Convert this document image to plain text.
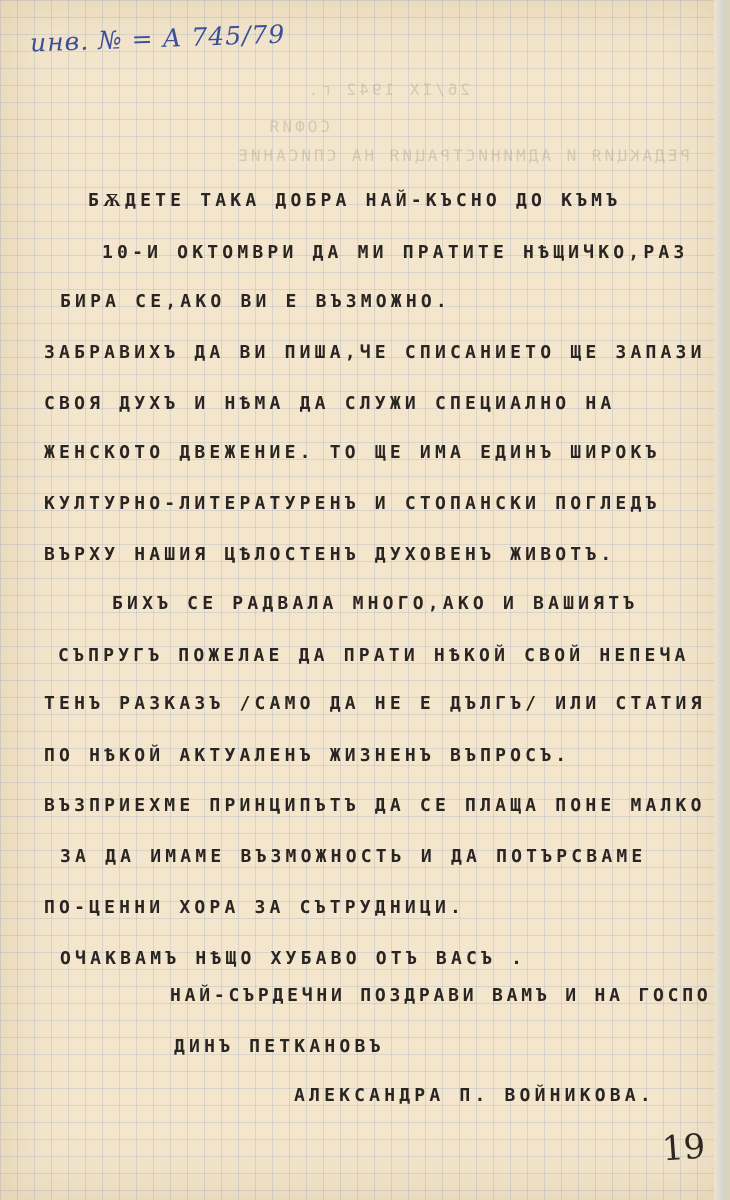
26/IX 1942 г.
СОФИЯ
РЕДАКЦИЯ И АДМИНИСТРАЦИЯ НА СПИСАНИЕ
инв. № = А 745/79
БѪДЕТЕ ТАКА ДОБРА НАЙ-КЪСНО ДО КЪМЪ
10-И ОКТОМВРИ ДА МИ ПРАТИТЕ НѢЩИЧКО,РАЗ
БИРА СЕ,АКО ВИ Е ВЪЗМОЖНО.
ЗАБРАВИХЪ ДА ВИ ПИША,ЧЕ СПИСАНИЕТО ЩЕ ЗАПАЗИ
СВОЯ ДУХЪ И НѢМА ДА СЛУЖИ СПЕЦИАЛНО НА
ЖЕНСКОТО ДВЕЖЕНИЕ. ТО ЩЕ ИМА ЕДИНЪ ШИРОКЪ
КУЛТУРНО-ЛИТЕРАТУРЕНЪ И СТОПАНСКИ ПОГЛЕДЪ
ВЪРХУ НАШИЯ ЦѢЛОСТЕНЪ ДУХОВЕНЪ ЖИВОТЪ.
БИХЪ СЕ РАДВАЛА МНОГО,АКО И ВАШИЯТЪ
СЪПРУГЪ ПОЖЕЛАЕ ДА ПРАТИ НѢКОЙ СВОЙ НЕПЕЧА
ТЕНЪ РАЗКАЗЪ /САМО ДА НЕ Е ДЪЛГЪ/ ИЛИ СТАТИЯ
ПО НѢКОЙ АКТУАЛЕНЪ ЖИЗНЕНЪ ВЪПРОСЪ.
ВЪЗПРИЕХМЕ ПРИНЦИПЪТЪ ДА СЕ ПЛАЩА ПОНЕ МАЛКО
ЗА ДА ИМАМЕ ВЪЗМОЖНОСТЬ И ДА ПОТЪРСВАМЕ
ПО-ЦЕННИ ХОРА ЗА СЪТРУДНИЦИ.
ОЧАКВАМЪ НѢЩО ХУБАВО ОТЪ ВАСЪ .
НАЙ-СЪРДЕЧНИ ПОЗДРАВИ ВАМЪ И НА ГОСПО
ДИНЪ ПЕТКАНОВЪ
АЛЕКСАНДРА П. ВОЙНИКОВА.
19
